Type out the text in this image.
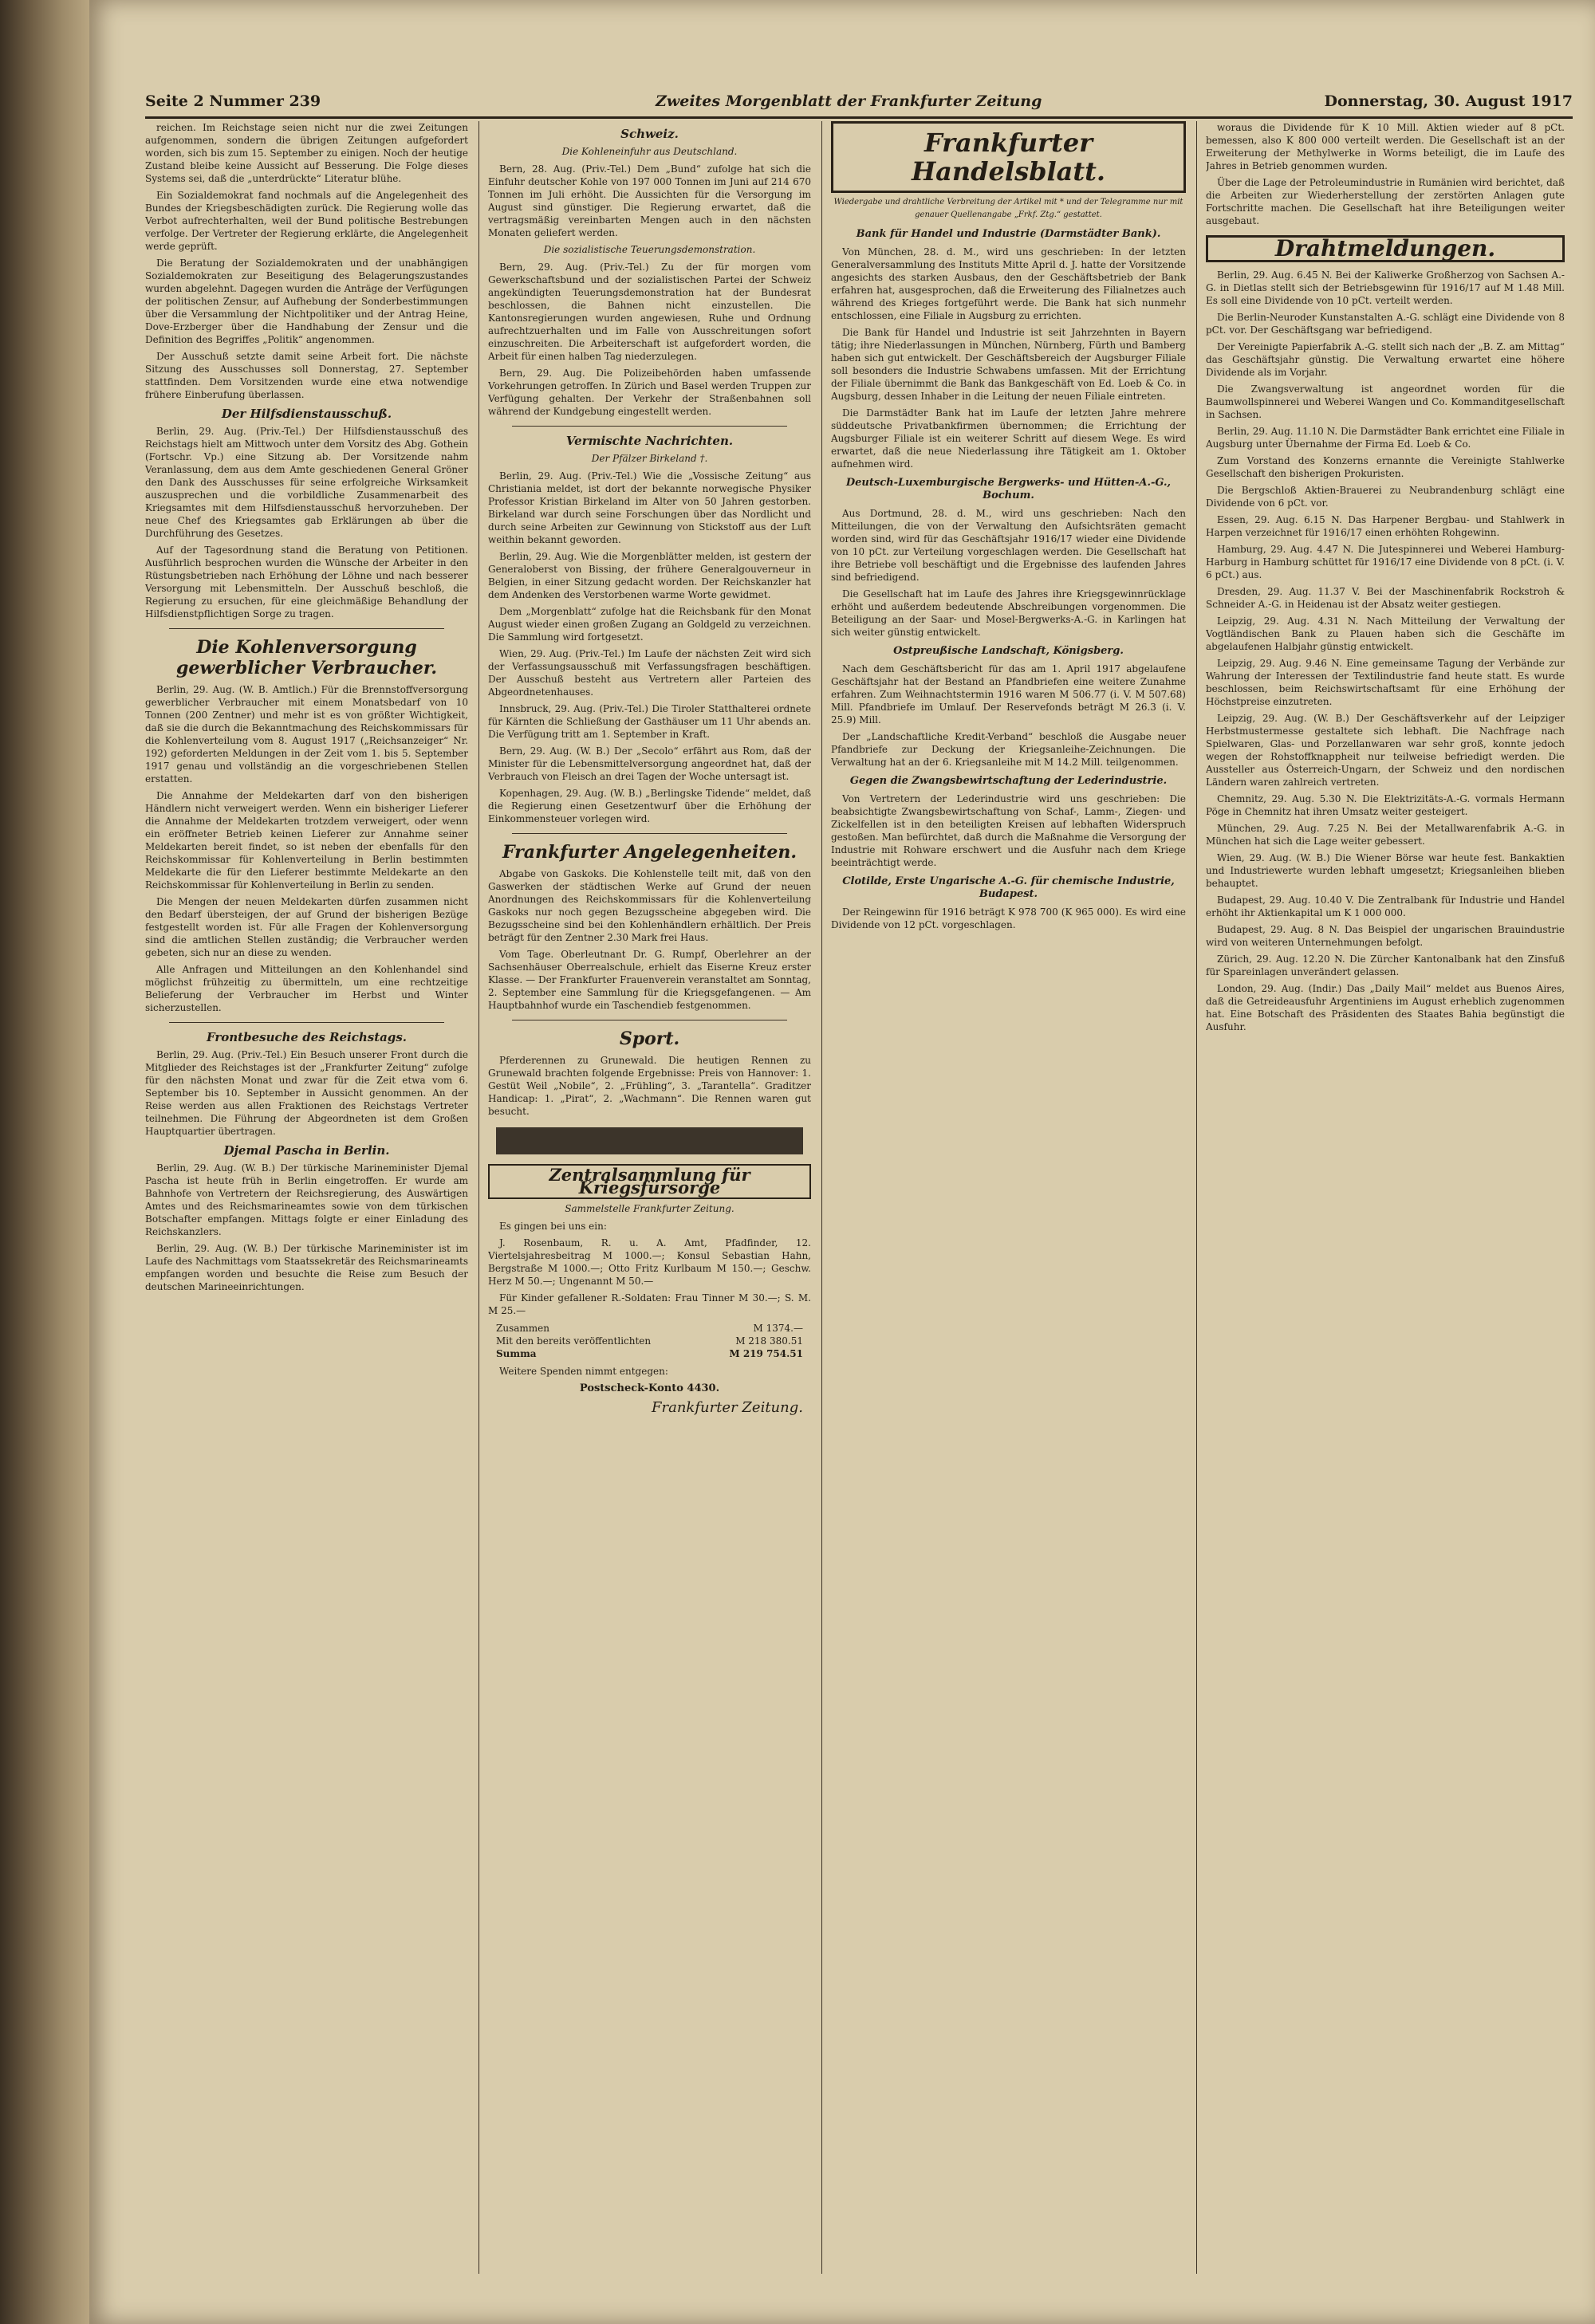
Seite 2 Nummer 239	Zweites Morgenblatt der Frankfurter Zeitung	Donnerstag, 30. August 1917

reichen. Im Reichstage seien nicht nur die zwei Zeitungen aufgenommen, sondern die übrigen Zeitungen aufgefordert worden, sich bis zum 15. September zu einigen. Noch der heutige Zustand bleibe keine Aussicht auf Besserung. Die Folge dieses Systems sei, daß die „unterdrückte“ Literatur blühe.

Ein Sozialdemokrat fand nochmals auf die Angelegenheit des Bundes der Kriegsbeschädigten zurück. Die Regierung wolle das Verbot aufrechterhalten, weil der Bund politische Bestrebungen verfolge. Der Vertreter der Regierung erklärte, die Angelegenheit werde geprüft.

Die Beratung der Sozialdemokraten und der unabhängigen Sozialdemokraten zur Beseitigung des Belagerungszustandes wurden abgelehnt. Dagegen wurden die Anträge der Verfügungen der politischen Zensur, auf Aufhebung der Sonderbestimmungen über die Versammlung der Nichtpolitiker und der Antrag Heine, Dove-Erzberger über die Handhabung der Zensur und die Definition des Begriffes „Politik“ angenommen.

Der Ausschuß setzte damit seine Arbeit fort. Die nächste Sitzung des Ausschusses soll Donnerstag, 27. September stattfinden. Dem Vorsitzenden wurde eine etwa notwendige frühere Einberufung überlassen.

Der Hilfsdienstausschuß.

Berlin, 29. Aug. (Priv.-Tel.) Der Hilfsdienstausschuß des Reichstags hielt am Mittwoch unter dem Vorsitz des Abg. Gothein (Fortschr. Vp.) eine Sitzung ab. Der Vorsitzende nahm Veranlassung, dem aus dem Amte geschiedenen General Gröner den Dank des Ausschusses für seine erfolgreiche Wirksamkeit auszusprechen und die vorbildliche Zusammenarbeit des Kriegsamtes mit dem Hilfsdienstausschuß hervorzuheben. Der neue Chef des Kriegsamtes gab Erklärungen ab über die Durchführung des Gesetzes.

Auf der Tagesordnung stand die Beratung von Petitionen. Ausführlich besprochen wurden die Wünsche der Arbeiter in den Rüstungsbetrieben nach Erhöhung der Löhne und nach besserer Versorgung mit Lebensmitteln. Der Ausschuß beschloß, die Regierung zu ersuchen, für eine gleichmäßige Behandlung der Hilfsdienstpflichtigen Sorge zu tragen.

Die Kohlenversorgung gewerblicher Verbraucher.

Berlin, 29. Aug. (W. B. Amtlich.) Für die Brennstoffversorgung gewerblicher Verbraucher mit einem Monatsbedarf von 10 Tonnen (200 Zentner) und mehr ist es von größter Wichtigkeit, daß sie die durch die Bekanntmachung des Reichskommissars für die Kohlenverteilung vom 8. August 1917 („Reichsanzeiger“ Nr. 192) geforderten Meldungen in der Zeit vom 1. bis 5. September 1917 genau und vollständig an die vorgeschriebenen Stellen erstatten.

Die Annahme der Meldekarten darf von den bisherigen Händlern nicht verweigert werden. Wenn ein bisheriger Lieferer die Annahme der Meldekarten trotzdem verweigert, oder wenn ein eröffneter Betrieb keinen Lieferer zur Annahme seiner Meldekarten bereit findet, so ist neben der ebenfalls für den Reichskommissar für Kohlenverteilung in Berlin bestimmten Meldekarte die für den Lieferer bestimmte Meldekarte an den Reichskommissar für Kohlenverteilung in Berlin zu senden.

Die Mengen der neuen Meldekarten dürfen zusammen nicht den Bedarf übersteigen, der auf Grund der bisherigen Bezüge festgestellt worden ist. Für alle Fragen der Kohlenversorgung sind die amtlichen Stellen zuständig; die Verbraucher werden gebeten, sich nur an diese zu wenden.

Alle Anfragen und Mitteilungen an den Kohlenhandel sind möglichst frühzeitig zu übermitteln, um eine rechtzeitige Belieferung der Verbraucher im Herbst und Winter sicherzustellen.

Frontbesuche des Reichstags.

Berlin, 29. Aug. (Priv.-Tel.) Ein Besuch unserer Front durch die Mitglieder des Reichstages ist der „Frankfurter Zeitung“ zufolge für den nächsten Monat und zwar für die Zeit etwa vom 6. September bis 10. September in Aussicht genommen. An der Reise werden aus allen Fraktionen des Reichstags Vertreter teilnehmen. Die Führung der Abgeordneten ist dem Großen Hauptquartier übertragen.

Djemal Pascha in Berlin.

Berlin, 29. Aug. (W. B.) Der türkische Marineminister Djemal Pascha ist heute früh in Berlin eingetroffen. Er wurde am Bahnhofe von Vertretern der Reichsregierung, des Auswärtigen Amtes und des Reichsmarineamtes sowie von dem türkischen Botschafter empfangen. Mittags folgte er einer Einladung des Reichskanzlers.

Berlin, 29. Aug. (W. B.) Der türkische Marineminister ist im Laufe des Nachmittags vom Staatssekretär des Reichsmarineamts empfangen worden und besuchte die Reise zum Besuch der deutschen Marineeinrichtungen.

Schweiz.
Die Kohleneinfuhr aus Deutschland.

Bern, 28. Aug. (Priv.-Tel.) Dem „Bund“ zufolge hat sich die Einfuhr deutscher Kohle von 197 000 Tonnen im Juni auf 214 670 Tonnen im Juli erhöht. Die Aussichten für die Versorgung im August sind günstiger. Die Regierung erwartet, daß die vertragsmäßig vereinbarten Mengen auch in den nächsten Monaten geliefert werden.

Die sozialistische Teuerungsdemonstration.

Bern, 29. Aug. (Priv.-Tel.) Zu der für morgen vom Gewerkschaftsbund und der sozialistischen Partei der Schweiz angekündigten Teuerungsdemonstration hat der Bundesrat beschlossen, die Bahnen nicht einzustellen. Die Kantonsregierungen wurden angewiesen, Ruhe und Ordnung aufrechtzuerhalten und im Falle von Ausschreitungen sofort einzuschreiten. Die Arbeiterschaft ist aufgefordert worden, die Arbeit für einen halben Tag niederzulegen.

Bern, 29. Aug. Die Polizeibehörden haben umfassende Vorkehrungen getroffen. In Zürich und Basel werden Truppen zur Verfügung gehalten. Der Verkehr der Straßenbahnen soll während der Kundgebung eingestellt werden.

Vermischte Nachrichten.
Der Pfälzer Birkeland †.

Berlin, 29. Aug. (Priv.-Tel.) Wie die „Vossische Zeitung“ aus Christiania meldet, ist dort der bekannte norwegische Physiker Professor Kristian Birkeland im Alter von 50 Jahren gestorben. Birkeland war durch seine Forschungen über das Nordlicht und durch seine Arbeiten zur Gewinnung von Stickstoff aus der Luft weithin bekannt geworden.

Berlin, 29. Aug. Wie die Morgenblätter melden, ist gestern der Generaloberst von Bissing, der frühere Generalgouverneur in Belgien, in einer Sitzung gedacht worden. Der Reichskanzler hat dem Andenken des Verstorbenen warme Worte gewidmet.

Dem „Morgenblatt“ zufolge hat die Reichsbank für den Monat August wieder einen großen Zugang an Goldgeld zu verzeichnen. Die Sammlung wird fortgesetzt.

Wien, 29. Aug. (Priv.-Tel.) Im Laufe der nächsten Zeit wird sich der Verfassungsausschuß mit Verfassungsfragen beschäftigen. Der Ausschuß besteht aus Vertretern aller Parteien des Abgeordnetenhauses.

Innsbruck, 29. Aug. (Priv.-Tel.) Die Tiroler Statthalterei ordnete für Kärnten die Schließung der Gasthäuser um 11 Uhr abends an. Die Verfügung tritt am 1. September in Kraft.

Bern, 29. Aug. (W. B.) Der „Secolo“ erfährt aus Rom, daß der Minister für die Lebensmittelversorgung angeordnet hat, daß der Verbrauch von Fleisch an drei Tagen der Woche untersagt ist.

Kopenhagen, 29. Aug. (W. B.) „Berlingske Tidende“ meldet, daß die Regierung einen Gesetzentwurf über die Erhöhung der Einkommensteuer vorlegen wird.

Frankfurter Angelegenheiten.

Abgabe von Gaskoks. Die Kohlenstelle teilt mit, daß von den Gaswerken der städtischen Werke auf Grund der neuen Anordnungen des Reichskommissars für die Kohlenverteilung Gaskoks nur noch gegen Bezugsscheine abgegeben wird. Die Bezugsscheine sind bei den Kohlenhändlern erhältlich. Der Preis beträgt für den Zentner 2.30 Mark frei Haus.

Vom Tage. Oberleutnant Dr. G. Rumpf, Oberlehrer an der Sachsenhäuser Oberrealschule, erhielt das Eiserne Kreuz erster Klasse. — Der Frankfurter Frauenverein veranstaltet am Sonntag, 2. September eine Sammlung für die Kriegsgefangenen. — Am Hauptbahnhof wurde ein Taschendieb festgenommen.

Sport.

Pferderennen zu Grunewald. Die heutigen Rennen zu Grunewald brachten folgende Ergebnisse: Preis von Hannover: 1. Gestüt Weil „Nobile“, 2. „Frühling“, 3. „Tarantella“. Graditzer Handicap: 1. „Pirat“, 2. „Wachmann“. Die Rennen waren gut besucht.

Zentralsammlung für Kriegsfürsorge
Sammelstelle Frankfurter Zeitung.

Es gingen bei uns ein:

J. Rosenbaum, R. u. A. Amt, Pfadfinder, 12. Viertelsjahresbeitrag M 1000.—; Konsul Sebastian Hahn, Bergstraße M 1000.—; Otto Fritz Kurlbaum M 150.—; Geschw. Herz M 50.—; Ungenannt M 50.—

Für Kinder gefallener R.-Soldaten: Frau Tinner M 30.—; S. M. M 25.—

Zusammen	M 1374.—
Mit den bereits veröffentlichten	M 218 380.51
Summa	M 219 754.51

Weitere Spenden nimmt entgegen:

Postscheck-Konto 4430.
Frankfurter Zeitung.
Frankfurter Handelsblatt.
Wiedergabe und drahtliche Verbreitung der Artikel mit * und der Telegramme nur mit genauer Quellenangabe „Frkf. Ztg.“ gestattet.
Bank für Handel und Industrie (Darmstädter Bank).

Von München, 28. d. M., wird uns geschrieben: In der letzten Generalversammlung des Instituts Mitte April d. J. hatte der Vorsitzende angesichts des starken Ausbaus, den der Geschäftsbetrieb der Bank erfahren hat, ausgesprochen, daß die Erweiterung des Filialnetzes auch während des Krieges fortgeführt werde. Die Bank hat sich nunmehr entschlossen, eine Filiale in Augsburg zu errichten.

Die Bank für Handel und Industrie ist seit Jahrzehnten in Bayern tätig; ihre Niederlassungen in München, Nürnberg, Fürth und Bamberg haben sich gut entwickelt. Der Geschäftsbereich der Augsburger Filiale soll besonders die Industrie Schwabens umfassen. Mit der Errichtung der Filiale übernimmt die Bank das Bankgeschäft von Ed. Loeb & Co. in Augsburg, dessen Inhaber in die Leitung der neuen Filiale eintreten.

Die Darmstädter Bank hat im Laufe der letzten Jahre mehrere süddeutsche Privatbankfirmen übernommen; die Errichtung der Augsburger Filiale ist ein weiterer Schritt auf diesem Wege. Es wird erwartet, daß die neue Niederlassung ihre Tätigkeit am 1. Oktober aufnehmen wird.

Deutsch-Luxemburgische Bergwerks- und Hütten-A.-G., Bochum.

Aus Dortmund, 28. d. M., wird uns geschrieben: Nach den Mitteilungen, die von der Verwaltung den Aufsichtsräten gemacht worden sind, wird für das Geschäftsjahr 1916/17 wieder eine Dividende von 10 pCt. zur Verteilung vorgeschlagen werden. Die Gesellschaft hat ihre Betriebe voll beschäftigt und die Ergebnisse des laufenden Jahres sind befriedigend.

Die Gesellschaft hat im Laufe des Jahres ihre Kriegsgewinnrücklage erhöht und außerdem bedeutende Abschreibungen vorgenommen. Die Beteiligung an der Saar- und Mosel-Bergwerks-A.-G. in Karlingen hat sich weiter günstig entwickelt.

Ostpreußische Landschaft, Königsberg.

Nach dem Geschäftsbericht für das am 1. April 1917 abgelaufene Geschäftsjahr hat der Bestand an Pfandbriefen eine weitere Zunahme erfahren. Zum Weihnachtstermin 1916 waren M 506.77 (i. V. M 507.68) Mill. Pfandbriefe im Umlauf. Der Reservefonds beträgt M 26.3 (i. V. 25.9) Mill.

Der „Landschaftliche Kredit-Verband“ beschloß die Ausgabe neuer Pfandbriefe zur Deckung der Kriegsanleihe-Zeichnungen. Die Verwaltung hat an der 6. Kriegsanleihe mit M 14.2 Mill. teilgenommen.

Gegen die Zwangsbewirtschaftung der Lederindustrie.

Von Vertretern der Lederindustrie wird uns geschrieben: Die beabsichtigte Zwangsbewirtschaftung von Schaf-, Lamm-, Ziegen- und Zickelfellen ist in den beteiligten Kreisen auf lebhaften Widerspruch gestoßen. Man befürchtet, daß durch die Maßnahme die Versorgung der Industrie mit Rohware erschwert und die Ausfuhr nach dem Kriege beeinträchtigt werde.

Clotilde, Erste Ungarische A.-G. für chemische Industrie, Budapest.

Der Reingewinn für 1916 beträgt K 978 700 (K 965 000). Es wird eine Dividende von 12 pCt. vorgeschlagen.

woraus die Dividende für K 10 Mill. Aktien wieder auf 8 pCt. bemessen, also K 800 000 verteilt werden. Die Gesellschaft ist an der Erweiterung der Methylwerke in Worms beteiligt, die im Laufe des Jahres in Betrieb genommen wurden.

Über die Lage der Petroleumindustrie in Rumänien wird berichtet, daß die Arbeiten zur Wiederherstellung der zerstörten Anlagen gute Fortschritte machen. Die Gesellschaft hat ihre Beteiligungen weiter ausgebaut.

Drahtmeldungen.

Berlin, 29. Aug. 6.45 N. Bei der Kaliwerke Großherzog von Sachsen A.-G. in Dietlas stellt sich der Betriebsgewinn für 1916/17 auf M 1.48 Mill. Es soll eine Dividende von 10 pCt. verteilt werden.

Die Berlin-Neuroder Kunstanstalten A.-G. schlägt eine Dividende von 8 pCt. vor. Der Geschäftsgang war befriedigend.

Der Vereinigte Papierfabrik A.-G. stellt sich nach der „B. Z. am Mittag“ das Geschäftsjahr günstig. Die Verwaltung erwartet eine höhere Dividende als im Vorjahr.

Die Zwangsverwaltung ist angeordnet worden für die Baumwollspinnerei und Weberei Wangen und Co. Kommanditgesellschaft in Sachsen.

Berlin, 29. Aug. 11.10 N. Die Darmstädter Bank errichtet eine Filiale in Augsburg unter Übernahme der Firma Ed. Loeb & Co.

Zum Vorstand des Konzerns ernannte die Vereinigte Stahlwerke Gesellschaft den bisherigen Prokuristen.

Die Bergschloß Aktien-Brauerei zu Neubrandenburg schlägt eine Dividende von 6 pCt. vor.

Essen, 29. Aug. 6.15 N. Das Harpener Bergbau- und Stahlwerk in Harpen verzeichnet für 1916/17 einen erhöhten Rohgewinn.

Hamburg, 29. Aug. 4.47 N. Die Jutespinnerei und Weberei Hamburg-Harburg in Hamburg schüttet für 1916/17 eine Dividende von 8 pCt. (i. V. 6 pCt.) aus.

Dresden, 29. Aug. 11.37 V. Bei der Maschinenfabrik Rockstroh & Schneider A.-G. in Heidenau ist der Absatz weiter gestiegen.

Leipzig, 29. Aug. 4.31 N. Nach Mitteilung der Verwaltung der Vogtländischen Bank zu Plauen haben sich die Geschäfte im abgelaufenen Halbjahr günstig entwickelt.

Leipzig, 29. Aug. 9.46 N. Eine gemeinsame Tagung der Verbände zur Wahrung der Interessen der Textilindustrie fand heute statt. Es wurde beschlossen, beim Reichswirtschaftsamt für eine Erhöhung der Höchstpreise einzutreten.

Leipzig, 29. Aug. (W. B.) Der Geschäftsverkehr auf der Leipziger Herbstmustermesse gestaltete sich lebhaft. Die Nachfrage nach Spielwaren, Glas- und Porzellanwaren war sehr groß, konnte jedoch wegen der Rohstoffknappheit nur teilweise befriedigt werden. Die Aussteller aus Österreich-Ungarn, der Schweiz und den nordischen Ländern waren zahlreich vertreten.

Chemnitz, 29. Aug. 5.30 N. Die Elektrizitäts-A.-G. vormals Hermann Pöge in Chemnitz hat ihren Umsatz weiter gesteigert.

München, 29. Aug. 7.25 N. Bei der Metallwarenfabrik A.-G. in München hat sich die Lage weiter gebessert.

Wien, 29. Aug. (W. B.) Die Wiener Börse war heute fest. Bankaktien und Industriewerte wurden lebhaft umgesetzt; Kriegsanleihen blieben behauptet.

Budapest, 29. Aug. 10.40 V. Die Zentralbank für Industrie und Handel erhöht ihr Aktienkapital um K 1 000 000.

Budapest, 29. Aug. 8 N. Das Beispiel der ungarischen Brauindustrie wird von weiteren Unternehmungen befolgt.

Zürich, 29. Aug. 12.20 N. Die Zürcher Kantonalbank hat den Zinsfuß für Spareinlagen unverändert gelassen.

London, 29. Aug. (Indir.) Das „Daily Mail“ meldet aus Buenos Aires, daß die Getreideausfuhr Argentiniens im August erheblich zugenommen hat. Eine Botschaft des Präsidenten des Staates Bahia begünstigt die Ausfuhr.
